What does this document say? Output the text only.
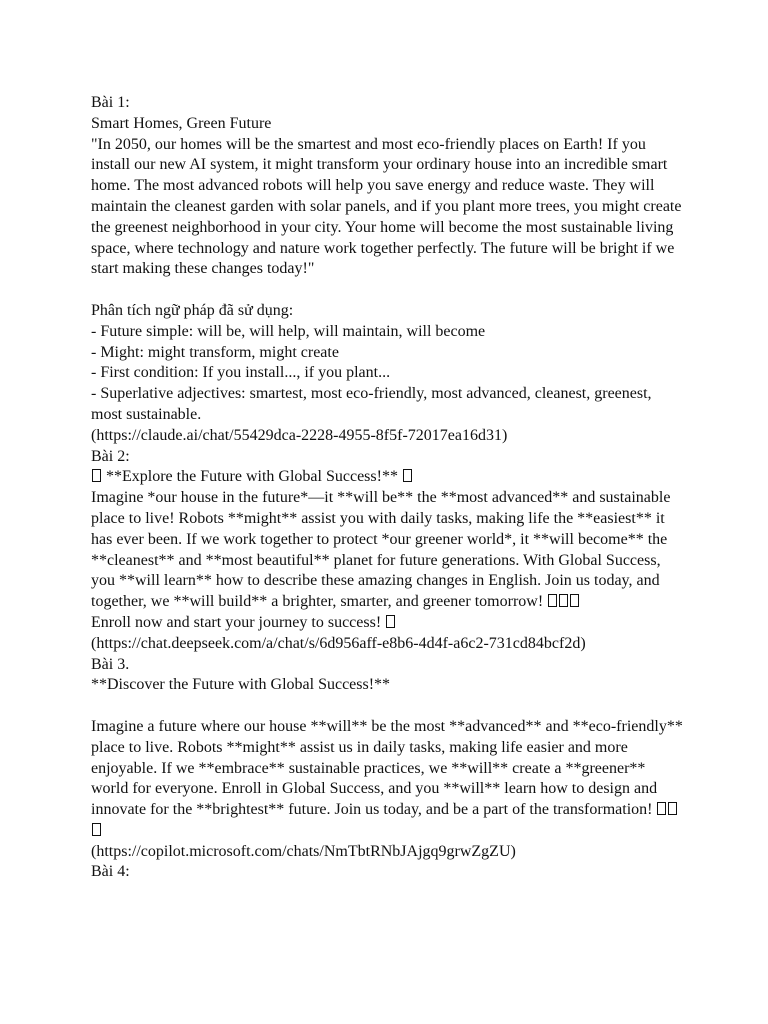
Bài 1:
Smart Homes, Green Future
"In 2050, our homes will be the smartest and most eco-friendly places on Earth! If you install our new AI system, it might transform your ordinary house into an incredible smart home. The most advanced robots will help you save energy and reduce waste. They will maintain the cleanest garden with solar panels, and if you plant more trees, you might create the greenest neighborhood in your city. Your home will become the most sustainable living space, where technology and nature work together perfectly. The future will be bright if we start making these changes today!"
Phân tích ngữ pháp đã sử dụng:
- Future simple: will be, will help, will maintain, will become
- Might: might transform, might create
- First condition: If you install..., if you plant...
- Superlative adjectives: smartest, most eco-friendly, most advanced, cleanest, greenest, most sustainable.
(https://claude.ai/chat/55429dca-2228-4955-8f5f-72017ea16d31)
Bài 2:
**Explore the Future with Global Success!**
Imagine *our house in the future*—it **will be** the **most advanced** and sustainable place to live! Robots **might** assist you with daily tasks, making life the **easiest** it has ever been. If we work together to protect *our greener world*, it **will become** the **cleanest** and **most beautiful** planet for future generations. With Global Success, you **will learn** how to describe these amazing changes in English. Join us today, and together, we **will build** a brighter, smarter, and greener tomorrow!
Enroll now and start your journey to success!
(https://chat.deepseek.com/a/chat/s/6d956aff-e8b6-4d4f-a6c2-731cd84bcf2d)
Bài 3.
**Discover the Future with Global Success!**
Imagine a future where our house **will** be the most **advanced** and **eco-friendly** place to live. Robots **might** assist us in daily tasks, making life easier and more enjoyable. If we **embrace** sustainable practices, we **will** create a **greener** world for everyone. Enroll in Global Success, and you **will** learn how to design and innovate for the **brightest** future. Join us today, and be a part of the transformation!
(https://copilot.microsoft.com/chats/NmTbtRNbJAjgq9grwZgZU)
Bài 4:
